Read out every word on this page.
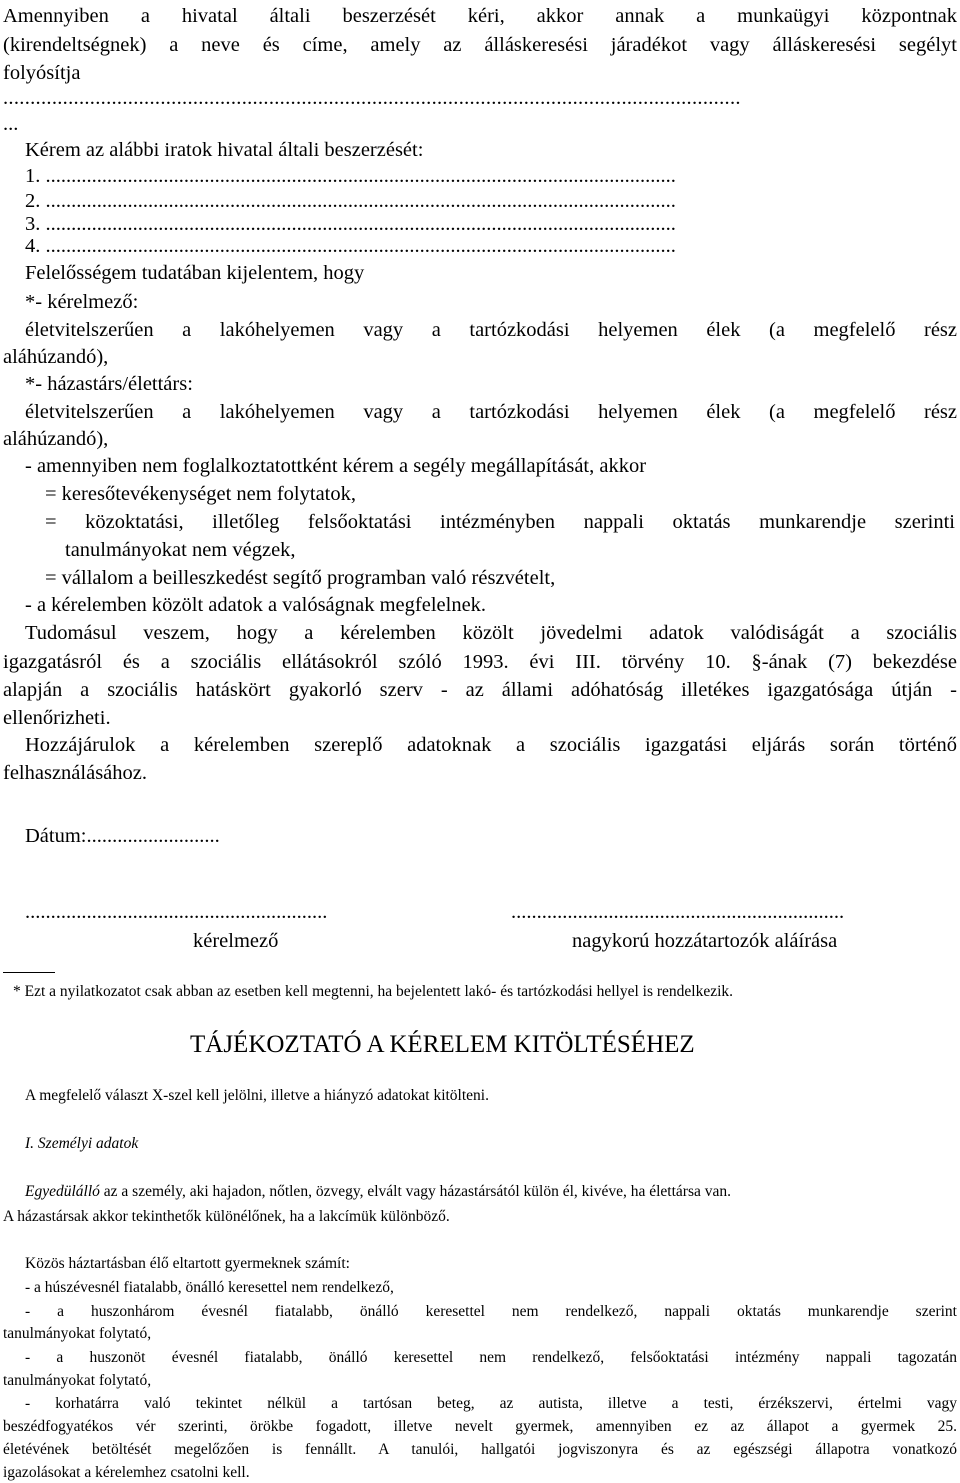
Amennyiben a hivatal általi beszerzését kéri, akkor annak a munkaügyi központnak
(kirendeltségnek) a neve és címe, amely az álláskeresési járadékot vagy álláskeresési segélyt
folyósítja
........................................................................................................................................
...
Kérem az alábbi iratok hivatal általi beszerzését:
1. ...........................................................................................................................
2. ...........................................................................................................................
3. ...........................................................................................................................
4. ...........................................................................................................................
Felelősségem tudatában kijelentem, hogy
*- kérelmező:
életvitelszerűen a lakóhelyemen vagy a tartózkodási helyemen élek (a megfelelő rész
aláhúzandó),
*- házastárs/élettárs:
életvitelszerűen a lakóhelyemen vagy a tartózkodási helyemen élek (a megfelelő rész
aláhúzandó),
- amennyiben nem foglalkoztatottként kérem a segély megállapítását, akkor
= keresőtevékenységet nem folytatok,
= közoktatási, illetőleg felsőoktatási intézményben nappali oktatás munkarendje szerinti
tanulmányokat nem végzek,
= vállalom a beilleszkedést segítő programban való részvételt,
- a kérelemben közölt adatok a valóságnak megfelelnek.
Tudomásul veszem, hogy a kérelemben közölt jövedelmi adatok valódiságát a szociális
igazgatásról és a szociális ellátásokról szóló 1993. évi III. törvény 10. §-ának (7) bekezdése
alapján a szociális hatáskört gyakorló szerv - az állami adóhatóság illetékes igazgatósága útján -
ellenőrizheti.
Hozzájárulok a kérelemben szereplő adatoknak a szociális igazgatási eljárás során történő
felhasználásához.
Dátum:..........................
...........................................................	.................................................................
kérelmező	nagykorú hozzátartozók aláírása
* Ezt a nyilatkozatot csak abban az esetben kell megtenni, ha bejelentett lakó- és tartózkodási hellyel is rendelkezik.
TÁJÉKOZTATÓ A KÉRELEM KITÖLTÉSÉHEZ
A megfelelő választ X-szel kell jelölni, illetve a hiányzó adatokat kitölteni.
I. Személyi adatok
Egyedülálló az a személy, aki hajadon, nőtlen, özvegy, elvált vagy házastársától külön él, kivéve, ha élettársa van.
A házastársak akkor tekinthetők különélőnek, ha a lakcímük különböző.
Közös háztartásban élő eltartott gyermeknek számít:
- a húszévesnél fiatalabb, önálló keresettel nem rendelkező,
- a huszonhárom évesnél fiatalabb, önálló keresettel nem rendelkező, nappali oktatás munkarendje szerint
tanulmányokat folytató,
- a huszonöt évesnél fiatalabb, önálló keresettel nem rendelkező, felsőoktatási intézmény nappali tagozatán
tanulmányokat folytató,
- korhatárra való tekintet nélkül a tartósan beteg, az autista, illetve a testi, érzékszervi, értelmi vagy
beszédfogyatékos vér szerinti, örökbe fogadott, illetve nevelt gyermek, amennyiben ez az állapot a gyermek 25.
életévének betöltését megelőzően is fennállt. A tanulói, hallgatói jogviszonyra és az egészségi állapotra vonatkozó
igazolásokat a kérelemhez csatolni kell.
